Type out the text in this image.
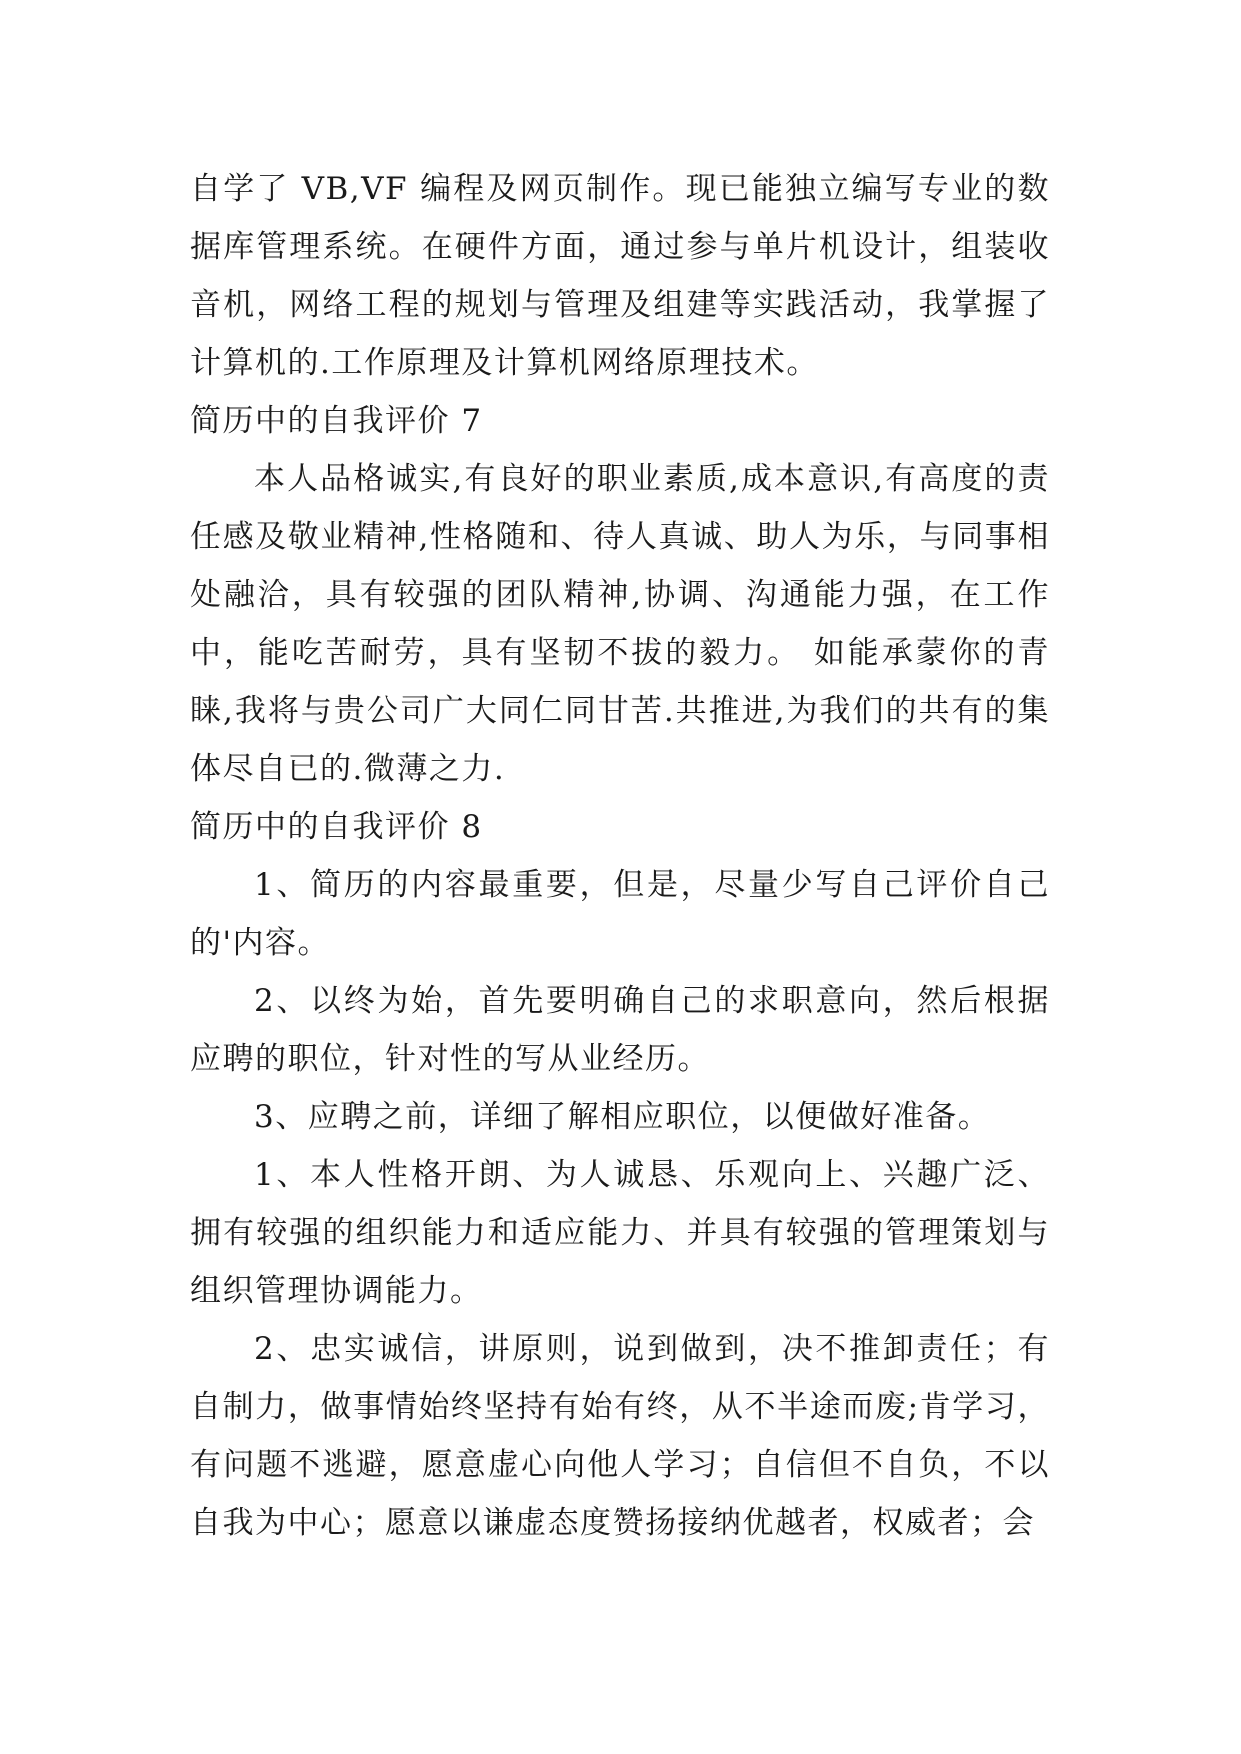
自学了 VB,VF 编程及网页制作。现已能独立编写专业的数据库管理系统。在硬件方面，通过参与单片机设计，组装收音机，网络工程的规划与管理及组建等实践活动，我掌握了计算机的.工作原理及计算机网络原理技术。

简历中的自我评价 7

本人品格诚实,有良好的职业素质,成本意识,有高度的责任感及敬业精神,性格随和、待人真诚、助人为乐，与同事相处融洽，具有较强的团队精神,协调、沟通能力强，在工作中，能吃苦耐劳，具有坚韧不拔的毅力。 如能承蒙你的青睐,我将与贵公司广大同仁同甘苦.共推进,为我们的共有的集体尽自已的.微薄之力.

简历中的自我评价 8

1、简历的内容最重要，但是，尽量少写自己评价自己的'内容。

2、以终为始，首先要明确自己的求职意向，然后根据应聘的职位，针对性的写从业经历。

3、应聘之前，详细了解相应职位，以便做好准备。

1、本人性格开朗、为人诚恳、乐观向上、兴趣广泛、拥有较强的组织能力和适应能力、并具有较强的管理策划与组织管理协调能力。

2、忠实诚信，讲原则，说到做到，决不推卸责任；有自制力，做事情始终坚持有始有终，从不半途而废;肯学习，有问题不逃避，愿意虚心向他人学习；自信但不自负，不以自我为中心；愿意以谦虚态度赞扬接纳优越者，权威者；会
